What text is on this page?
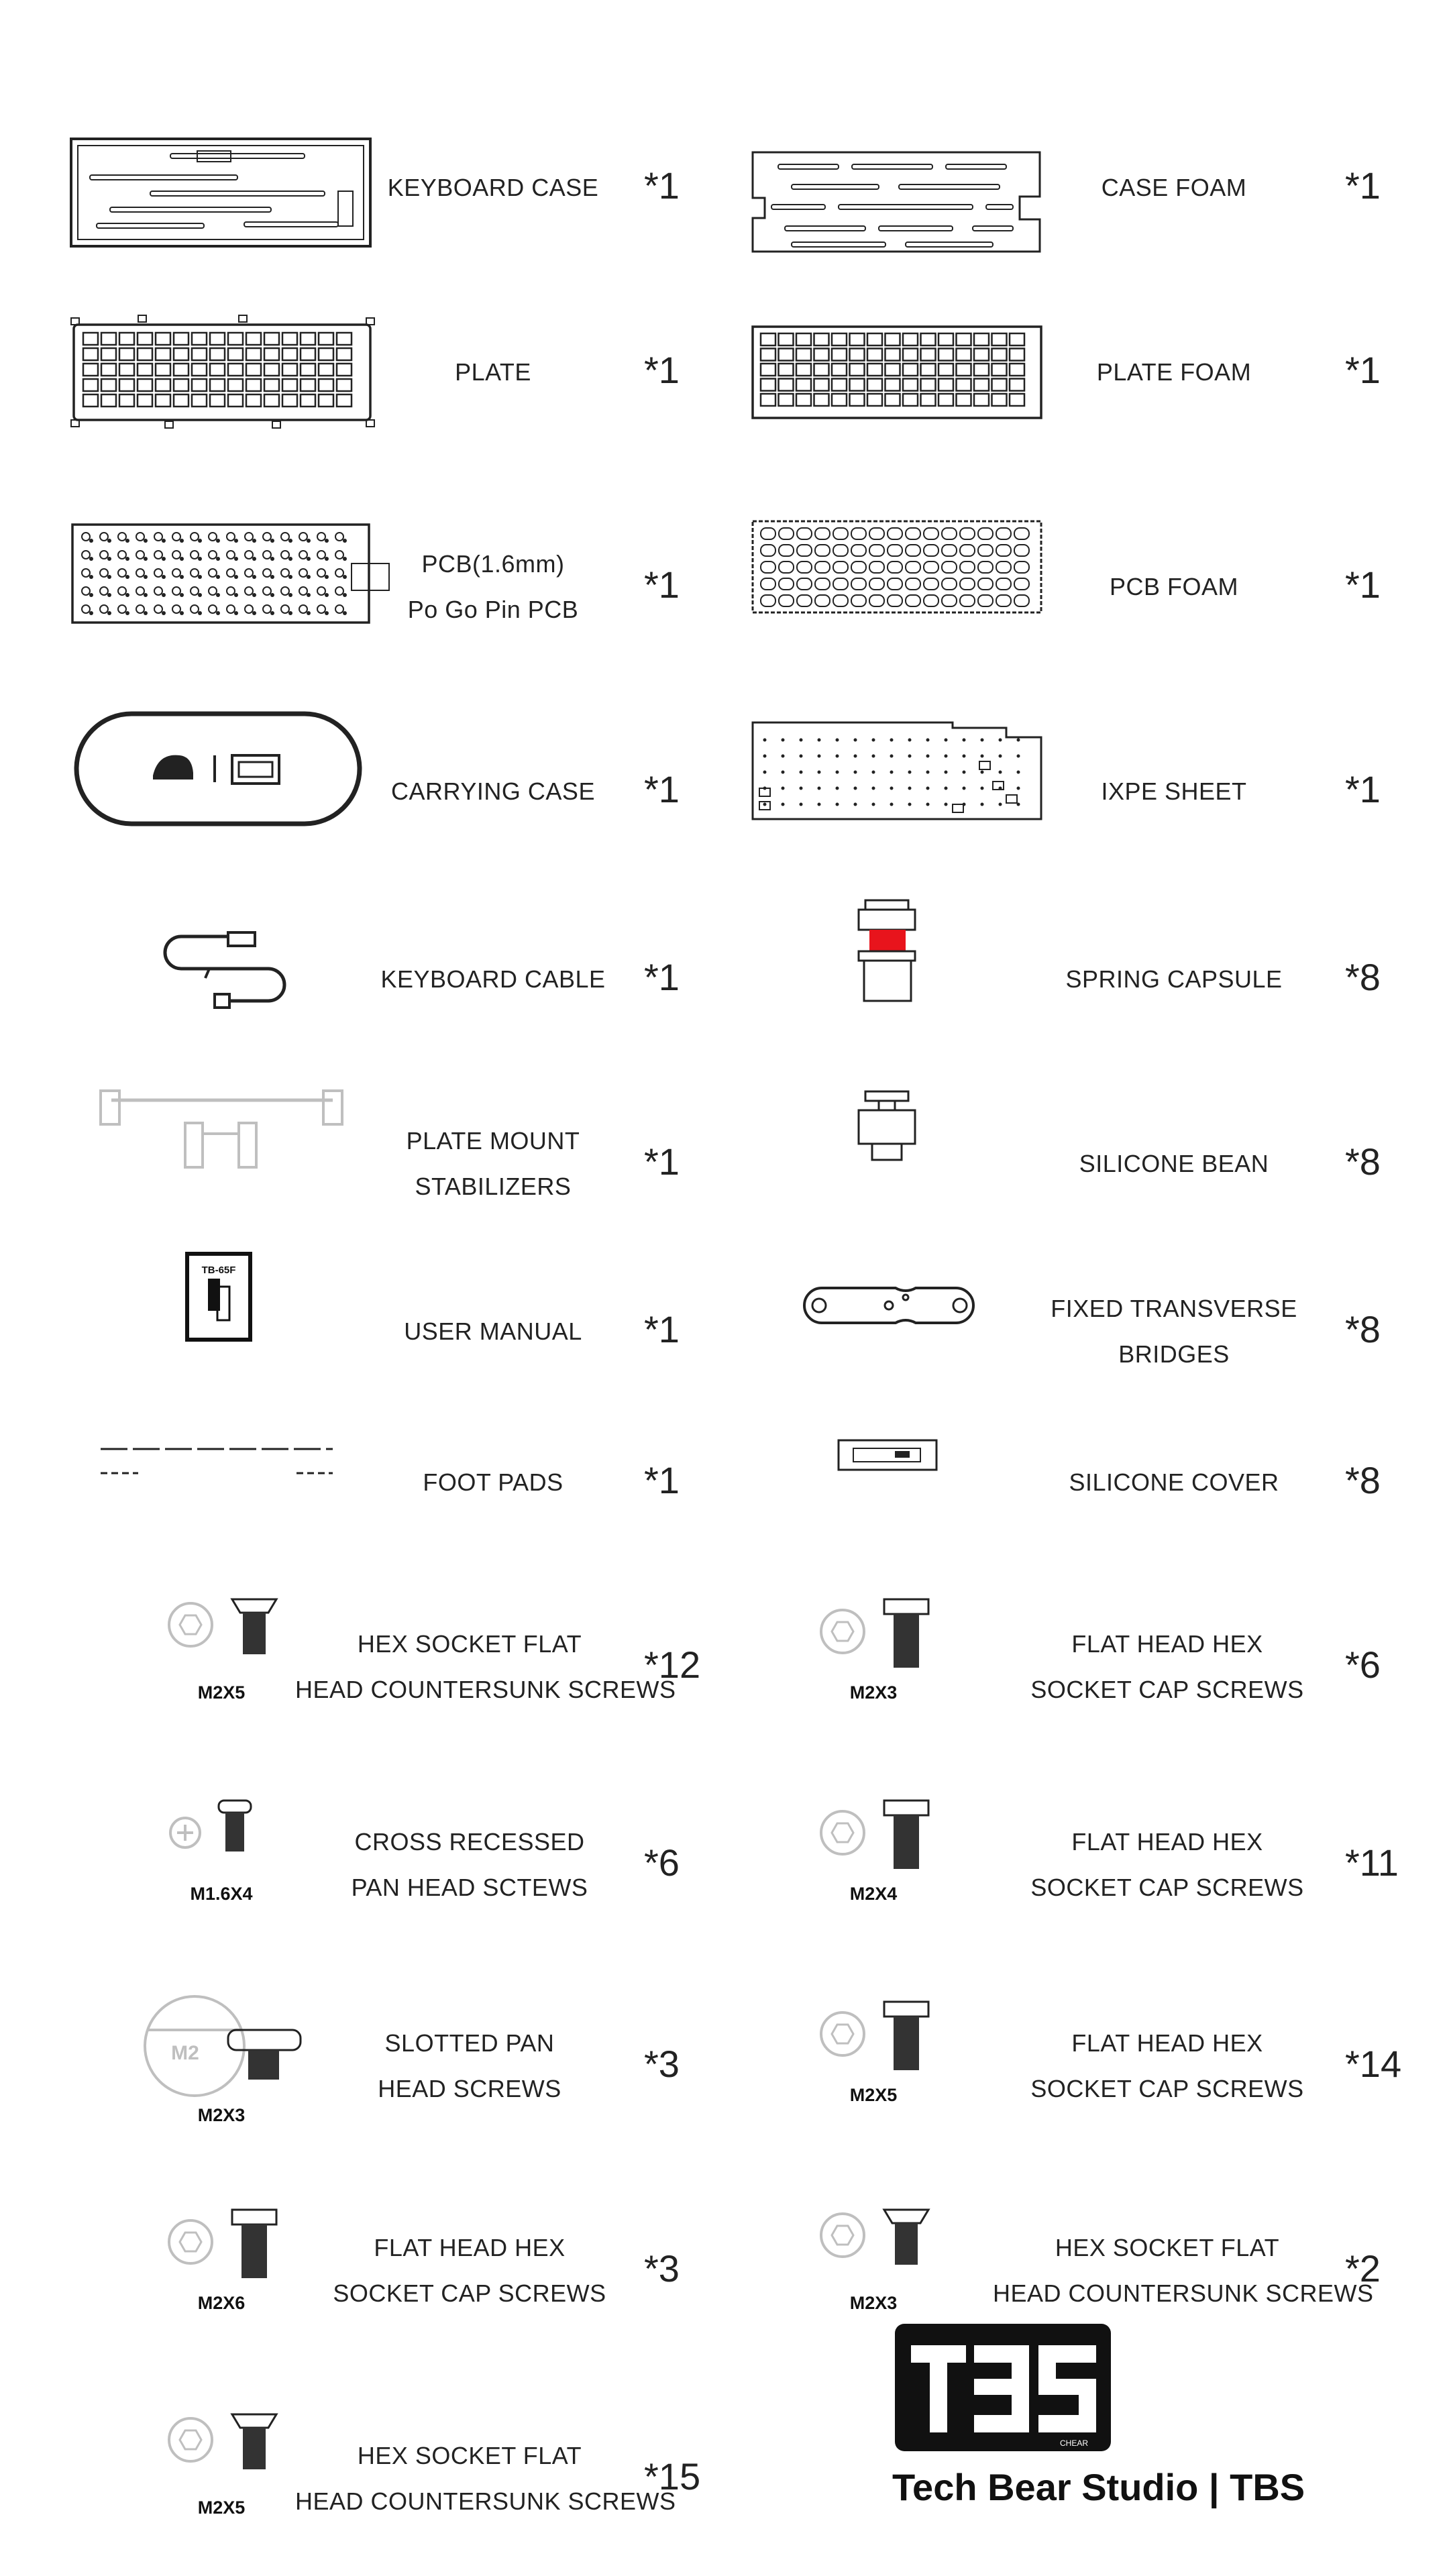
KEYBOARD CASE	*1
PLATE	*1
PCB(1.6mm)
Po Go Pin PCB
*1
CARRYING CASE	*1
KEYBOARD CABLE *1
PLATE MOUNT
STABILIZERS
*1
TB-65F
USER MANUAL	*1
FOOT PADS	*1
M2X5
HEX SOCKET FLAT
HEAD COUNTERSUNK SCREWS
*12
M1.6X4
CROSS RECESSED
PAN HEAD SCTEWS
*6
M2
M2X3
SLOTTED PAN
HEAD SCREWS
*3
M2X6
FLAT HEAD HEX
SOCKET CAP SCREWS
*3
M2X5
HEX SOCKET FLAT
HEAD COUNTERSUNK SCREWS
*15
CASE FOAM	*1
PLATE FOAM	*1
PCB FOAM	*1
IXPE SHEET	*1
SPRING CAPSULE	*8
SILICONE BEAN	*8
FIXED TRANSVERSE
BRIDGES
*8
SILICONE COVER	*8
M2X3
FLAT HEAD HEX
SOCKET CAP SCREWS
*6
M2X4
FLAT HEAD HEX
SOCKET CAP SCREWS
*11
M2X5
FLAT HEAD HEX
SOCKET CAP SCREWS
*14
M2X3
HEX SOCKET FLAT
HEAD COUNTERSUNK SCREWS
*2
CHEAR
Tech Bear Studio | TBS
